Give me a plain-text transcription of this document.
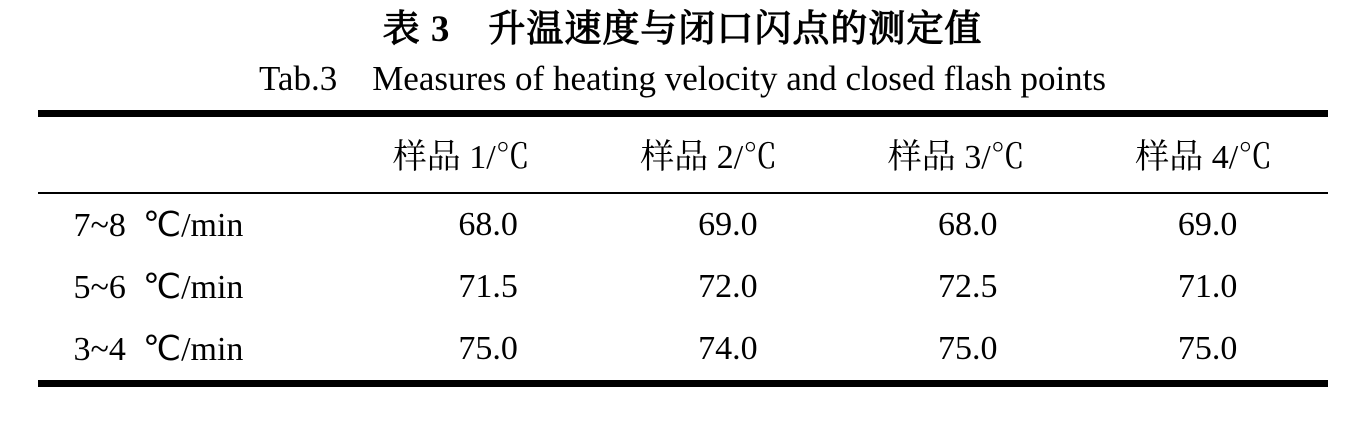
表 3　升温速度与闭口闪点的测定值
Tab.3 Measures of heating velocity and closed flash points
	样品 1/℃	样品 2/℃	样品 3/℃	样品 4/℃
7~8  ℃/min	68.0	69.0	68.0	69.0
5~6  ℃/min	71.5	72.0	72.5	71.0
3~4  ℃/min	75.0	74.0	75.0	75.0
